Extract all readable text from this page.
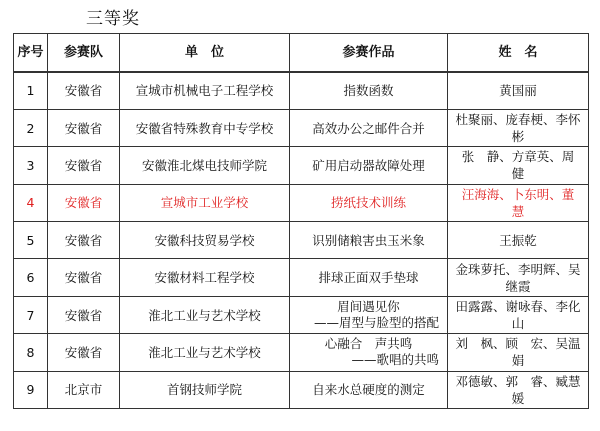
三等奖
序号	参赛队	单　位	参赛作品	姓　名
1	安徽省	宣城市机械电子工程学校	指数函数	黄国丽
2	安徽省	安徽省特殊教育中专学校	高效办公之邮件合并	杜聚丽、庞春梗、李怀彬
3	安徽省	安徽淮北煤电技师学院	矿用启动器故障处理	张　静、方章英、周　健
4	安徽省	宣城市工业学校	捞纸技术训练	汪海海、卜东明、董　慧
5	安徽省	安徽科技贸易学校	识别储粮害虫玉米象	王振乾
6	安徽省	安徽材料工程学校	排球正面双手垫球	金珠萝托、李明辉、吴继霞
7	安徽省	淮北工业与艺术学校	眉间遇见你
——眉型与脸型的搭配	田露露、谢咏春、李化山
8	安徽省	淮北工业与艺术学校	心融合　声共鸣
——歌唱的共鸣	刘　枫、顾　宏、吴温娟
9	北京市	首钢技师学院	自来水总硬度的测定	邓德敏、郭　睿、臧慧媛
